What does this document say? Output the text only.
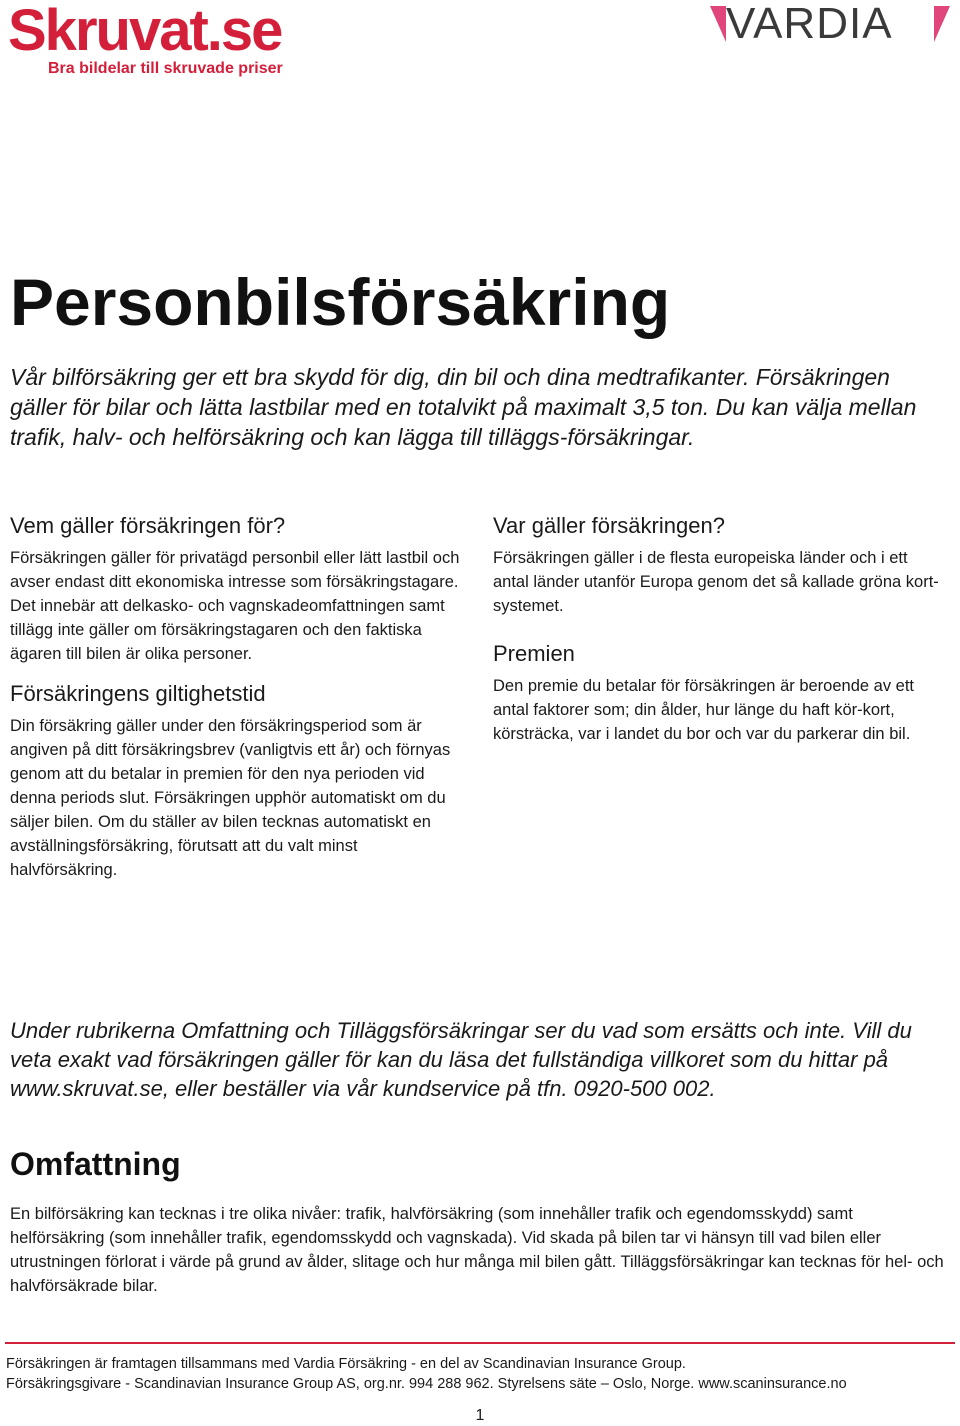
Skruvat.se
Bra bildelar till skruvade priser
VARDIA
Personbilsförsäkring

Vår bilförsäkring ger ett bra skydd för dig, din bil och dina medtrafikanter. Försäkringen gäller för bilar och lätta lastbilar med en totalvikt på maximalt 3,5 ton. Du kan välja mellan trafik, halv- och helförsäkring och kan lägga till tilläggs-försäkringar.

Vem gäller försäkringen för?

Försäkringen gäller för privatägd personbil eller lätt lastbil och avser endast ditt ekonomiska intresse som försäkringstagare. Det innebär att delkasko- och vagnskadeomfattningen samt tillägg inte gäller om försäkringstagaren och den faktiska ägaren till bilen är olika personer.

Försäkringens giltighetstid

Din försäkring gäller under den försäkringsperiod som är angiven på ditt försäkringsbrev (vanligtvis ett år) och förnyas genom att du betalar in premien för den nya perioden vid denna periods slut. Försäkringen upphör automatiskt om du säljer bilen. Om du ställer av bilen tecknas automatiskt en avställningsförsäkring, förutsatt att du valt minst halvförsäkring.

Var gäller försäkringen?

Försäkringen gäller i de flesta europeiska länder och i ett antal länder utanför Europa genom det så kallade gröna kort-systemet.

Premien

Den premie du betalar för försäkringen är beroende av ett antal faktorer som; din ålder, hur länge du haft kör-kort, körsträcka, var i landet du bor och var du parkerar din bil.

Under rubrikerna Omfattning och Tilläggsförsäkringar ser du vad som ersätts och inte. Vill du veta exakt vad försäkringen gäller för kan du läsa det fullständiga villkoret som du hittar på www.skruvat.se, eller beställer via vår kundservice på tfn. 0920-500 002.

Omfattning

En bilförsäkring kan tecknas i tre olika nivåer: trafik, halvförsäkring (som innehåller trafik och egendomsskydd) samt helförsäkring (som innehåller trafik, egendomsskydd och vagnskada). Vid skada på bilen tar vi hänsyn till vad bilen eller utrustningen förlorat i värde på grund av ålder, slitage och hur många mil bilen gått. Tilläggsförsäkringar kan tecknas för hel- och halvförsäkrade bilar.

Försäkringen är framtagen tillsammans med Vardia Försäkring - en del av Scandinavian Insurance Group.
Försäkringsgivare - Scandinavian Insurance Group AS, org.nr. 994 288 962. Styrelsens säte – Oslo, Norge. www.scaninsurance.no
1
